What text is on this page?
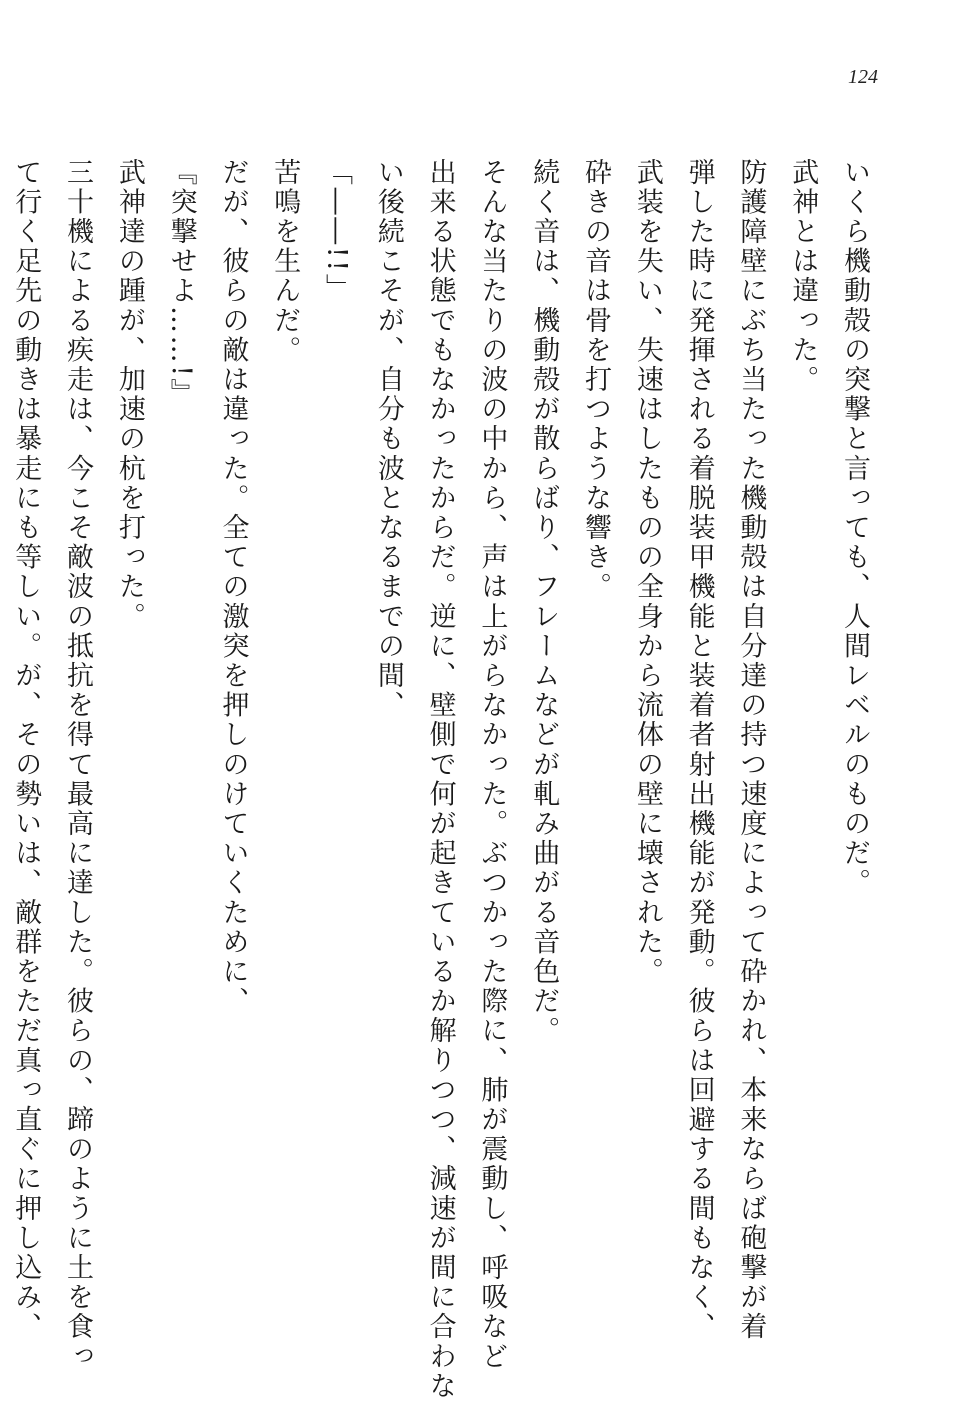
124

いくら機動殻の突撃と言っても、人間レベルのものだ。
武神とは違った。
防護障壁にぶち当たった機動殻は自分達の持つ速度によって砕かれ、本来ならば砲撃が着
弾した時に発揮される着脱装甲機能と装着者射出機能が発動。彼らは回避する間もなく、
武装を失い、失速はしたものの全身から流体の壁に壊された。
砕きの音は骨を打つような響き。
続く音は、機動殻が散らばり、フレームなどが軋み曲がる音色だ。
そんな当たりの波の中から、声は上がらなかった。ぶつかった際に、肺が震動し、呼吸など
出来る状態でもなかったからだ。逆に、壁側で何が起きているか解りつつ、減速が間に合わな
い後続こそが、自分も波となるまでの間、
「――!!」
苦鳴を生んだ。
だが、彼らの敵は違った。全ての激突を押しのけていくために、
『突撃せよ……!』
武神達の踵が、加速の杭を打った。
三十機による疾走は、今こそ敵波の抵抗を得て最高に達した。彼らの、蹄のように土を食っ
て行く足先の動きは暴走にも等しい。が、その勢いは、敵群をただ真っ直ぐに押し込み、
